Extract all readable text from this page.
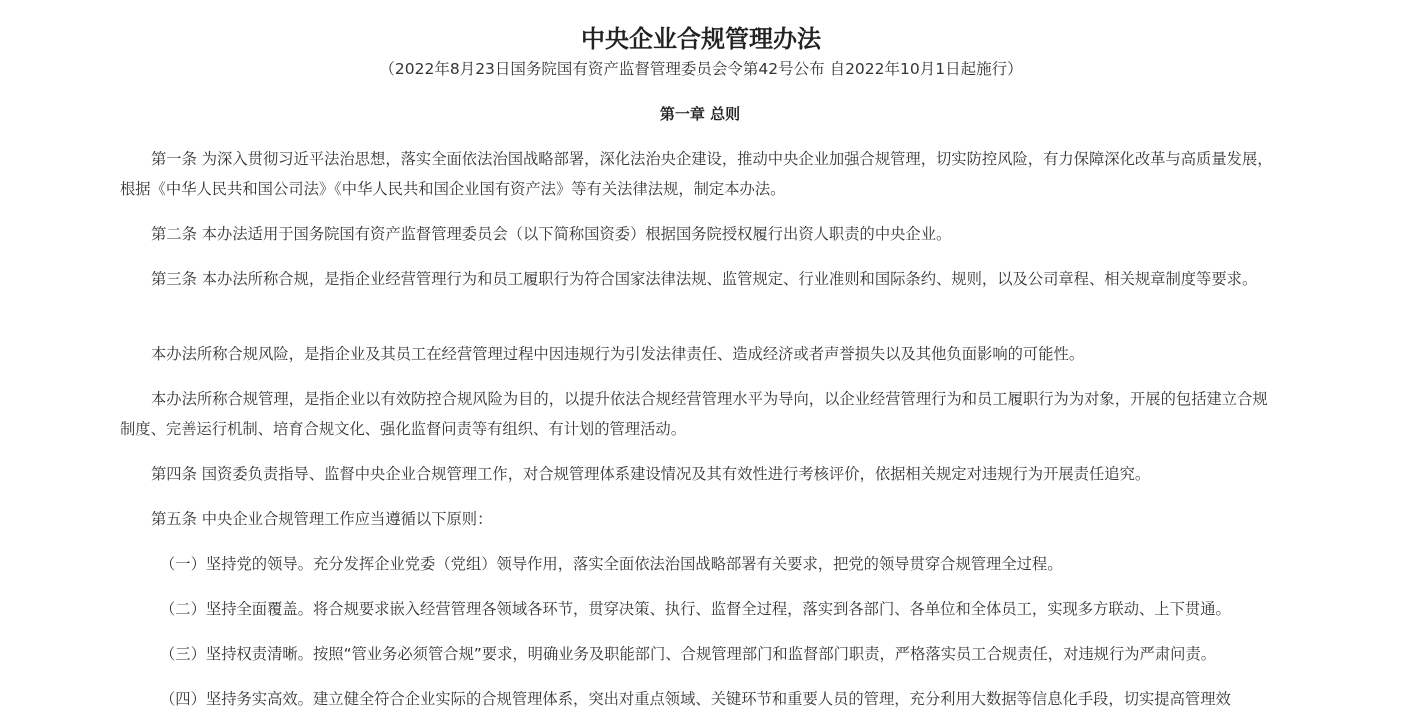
中央企业合规管理办法

（2022年8月23日国务院国有资产监督管理委员会令第42号公布 自2022年10月1日起施行）

第一章 总则

第一条 为深入贯彻习近平法治思想，落实全面依法治国战略部署，深化法治央企建设，推动中央企业加强合规管理，切实防控风险，有力保障深化改革与高质量发展，根据《中华人民共和国公司法》《中华人民共和国企业国有资产法》等有关法律法规，制定本办法。

第二条 本办法适用于国务院国有资产监督管理委员会（以下简称国资委）根据国务院授权履行出资人职责的中央企业。

第三条 本办法所称合规，是指企业经营管理行为和员工履职行为符合国家法律法规、监管规定、行业准则和国际条约、规则，以及公司章程、相关规章制度等要求。

本办法所称合规风险，是指企业及其员工在经营管理过程中因违规行为引发法律责任、造成经济或者声誉损失以及其他负面影响的可能性。

本办法所称合规管理，是指企业以有效防控合规风险为目的，以提升依法合规经营管理水平为导向，以企业经营管理行为和员工履职行为为对象，开展的包括建立合规制度、完善运行机制、培育合规文化、强化监督问责等有组织、有计划的管理活动。

第四条 国资委负责指导、监督中央企业合规管理工作，对合规管理体系建设情况及其有效性进行考核评价，依据相关规定对违规行为开展责任追究。

第五条 中央企业合规管理工作应当遵循以下原则：

（一）坚持党的领导。充分发挥企业党委（党组）领导作用，落实全面依法治国战略部署有关要求，把党的领导贯穿合规管理全过程。

（二）坚持全面覆盖。将合规要求嵌入经营管理各领域各环节，贯穿决策、执行、监督全过程，落实到各部门、各单位和全体员工，实现多方联动、上下贯通。

（三）坚持权责清晰。按照“管业务必须管合规”要求，明确业务及职能部门、合规管理部门和监督部门职责，严格落实员工合规责任，对违规行为严肃问责。

（四）坚持务实高效。建立健全符合企业实际的合规管理体系，突出对重点领域、关键环节和重要人员的管理，充分利用大数据等信息化手段，切实提高管理效
